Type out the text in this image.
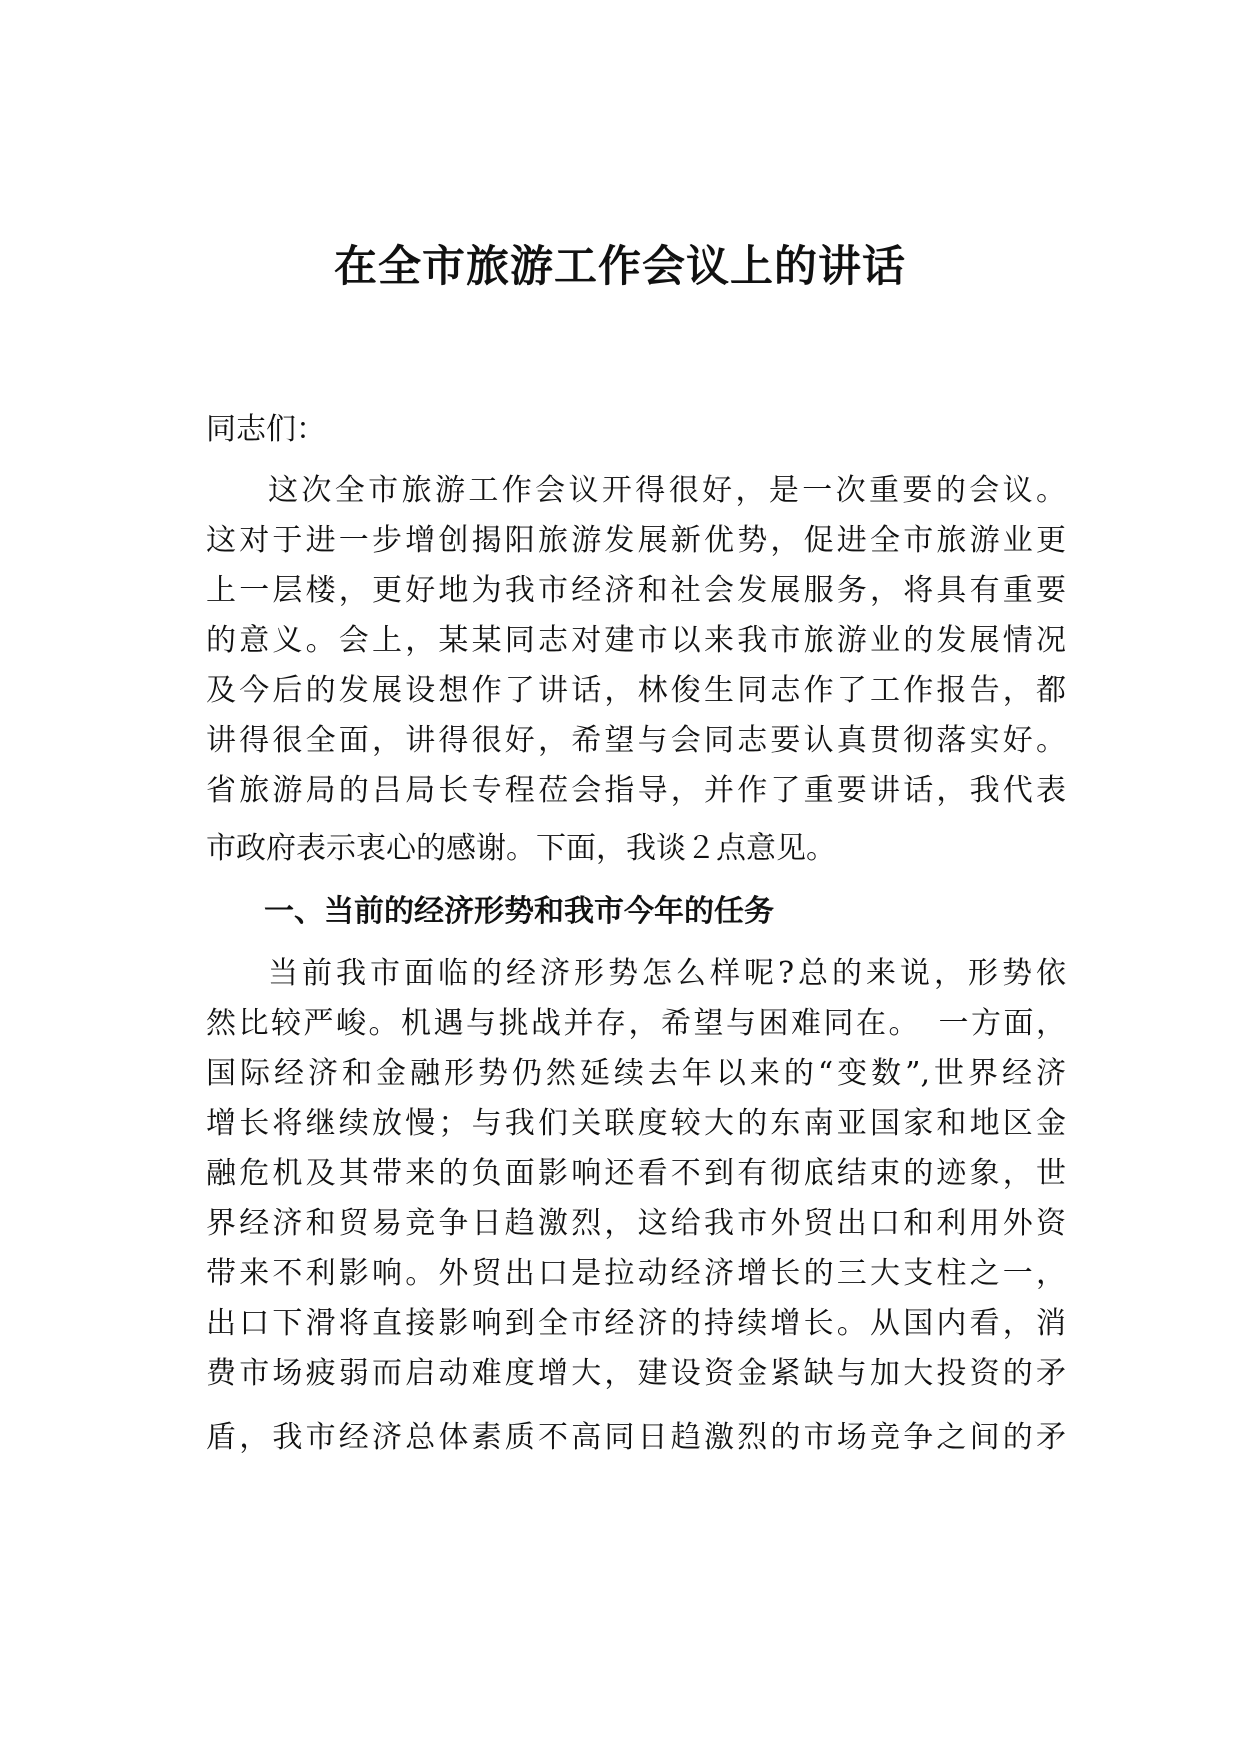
在全市旅游工作会议上的讲话
同志们：
这次全市旅游工作会议开得很好，是一次重要的会议。
这对于进一步增创揭阳旅游发展新优势，促进全市旅游业更
上一层楼，更好地为我市经济和社会发展服务，将具有重要
的意义。会上，某某同志对建市以来我市旅游业的发展情况
及今后的发展设想作了讲话，林俊生同志作了工作报告，都
讲得很全面，讲得很好，希望与会同志要认真贯彻落实好。
省旅游局的吕局长专程莅会指导，并作了重要讲话，我代表
市政府表示衷心的感谢。下面，我谈２点意见。
一、当前的经济形势和我市今年的任务
当前我市面临的经济形势怎么样呢?总的来说，形势依
然比较严峻。机遇与挑战并存，希望与困难同在。　一方面，
国际经济和金融形势仍然延续去年以来的“变数”,世界经济
增长将继续放慢；与我们关联度较大的东南亚国家和地区金
融危机及其带来的负面影响还看不到有彻底结束的迹象，世
界经济和贸易竞争日趋激烈，这给我市外贸出口和利用外资
带来不利影响。外贸出口是拉动经济增长的三大支柱之一，
出口下滑将直接影响到全市经济的持续增长。从国内看，消
费市场疲弱而启动难度增大，建设资金紧缺与加大投资的矛
盾，我市经济总体素质不高同日趋激烈的市场竞争之间的矛
